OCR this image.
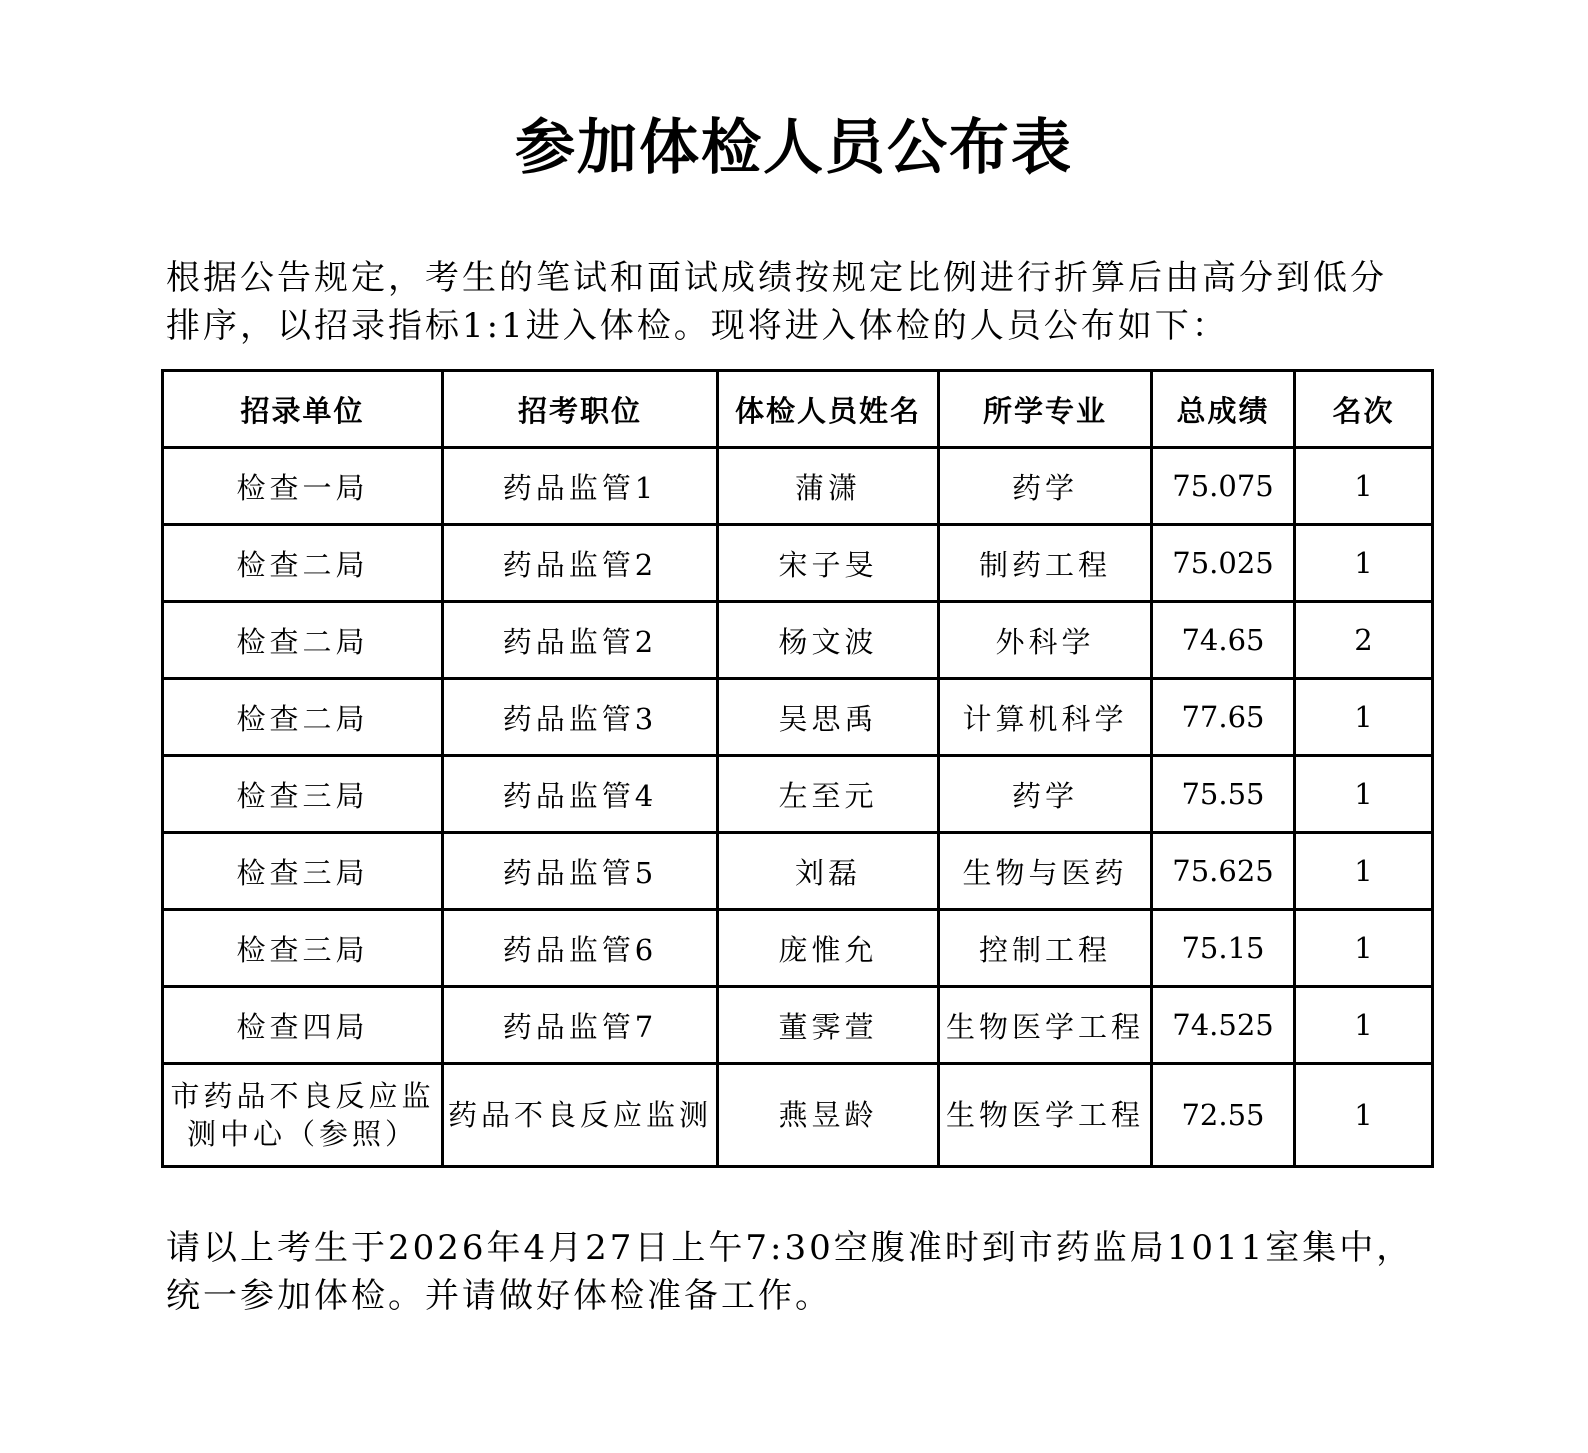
参加体检人员公布表
根据公告规定，考生的笔试和面试成绩按规定比例进行折算后由高分到低分排序，以招录指标1:1进入体检。现将进入体检的人员公布如下：
招录单位	招考职位	体检人员姓名	所学专业	总成绩	名次
检查一局	药品监管1	蒲潇	药学	75.075	1
检查二局	药品监管2	宋子旻	制药工程	75.025	1
检查二局	药品监管2	杨文波	外科学	74.65	2
检查二局	药品监管3	吴思禹	计算机科学	77.65	1
检查三局	药品监管4	左至元	药学	75.55	1
检查三局	药品监管5	刘磊	生物与医药	75.625	1
检查三局	药品监管6	庞惟允	控制工程	75.15	1
检查四局	药品监管7	董霁萱	生物医学工程	74.525	1
市药品不良反应监测中心（参照）	药品不良反应监测	燕昱龄	生物医学工程	72.55	1
请以上考生于2026年4月27日上午7:30空腹准时到市药监局1011室集中，统一参加体检。并请做好体检准备工作。
